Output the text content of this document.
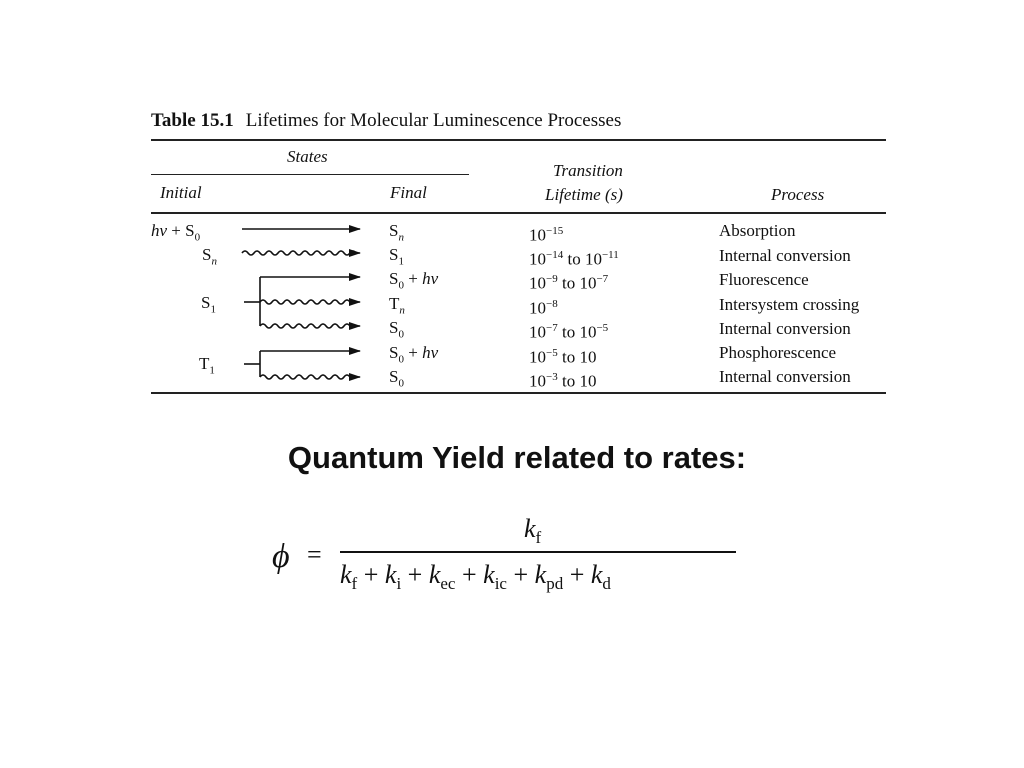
Table 15.1 Lifetimes for Molecular Luminescence Processes
States
Initial	Final
Transition
Lifetime (s)	Process
$h\nu + S_0$
$S_n$
$S_1$
$T_1$
$S_n$
$S_1$
$S_0 + h\nu$
$T_n$
$S_0$
$S_0 + h\nu$
$S_0$
$10^{-15}$
$10^{-14}$ to $10^{-11}$
$10^{-9}$ to $10^{-7}$
$10^{-8}$
$10^{-7}$ to $10^{-5}$
$10^{-5}$ to 10
$10^{-3}$ to 10
Absorption
Internal conversion
Fluorescence
Intersystem crossing
Internal conversion
Phosphorescence
Internal conversion
Quantum Yield related to rates:
ϕ =
$k_f$
$k_f + k_i + k_{ec} + k_{ic} + k_{pd} + k_d$
